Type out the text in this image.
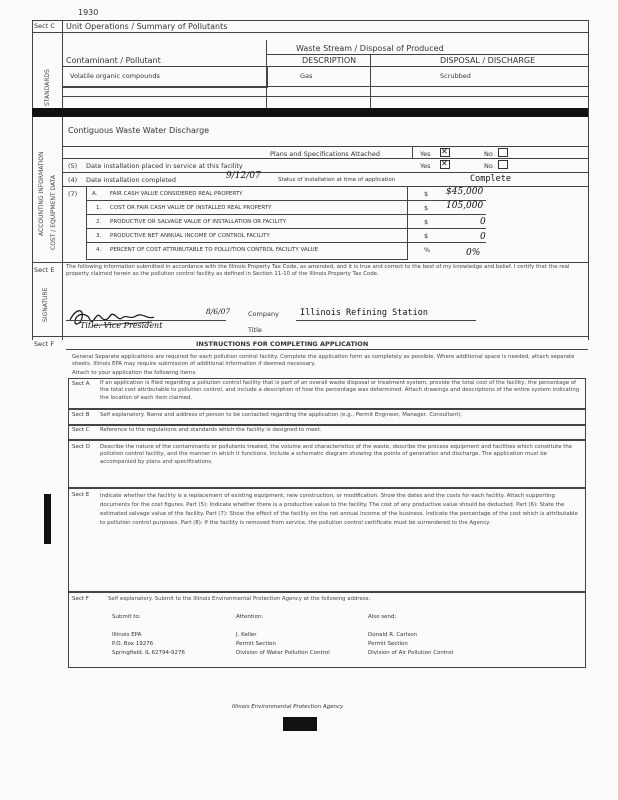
1930
Sect C Unit Operations / Summary of Pollutants
STANDARDS
Waste Stream / Disposal of Produced
Contaminant / Pollutant	DESCRIPTION	DISPOSAL / DISCHARGE
Volatile organic compounds	Gas	Scrubbed
ACCOUNTING INFORMATION COST / EQUIPMENT DATA
Contiguous Waste Water Discharge
Plans and Specifications Attached	Yes ✕	No
(5) Date installation placed in service at this facility	Yes ✕	No
(4) Date installation completed	9/12/07	Status of installation at time of application	Complete
(7)	A. FAIR CASH VALUE CONSIDERED REAL PROPERTY	$ $45,000
1. COST OR FAIR CASH VALUE OF INSTALLED REAL PROPERTY	$ 105,000
2. PRODUCTIVE OR SALVAGE VALUE OF INSTALLATION OR FACILITY	$	0
3. PRODUCTIVE NET ANNUAL INCOME OF CONTROL FACILITY	$	0
4. PERCENT OF COST ATTRIBUTABLE TO POLLUTION CONTROL FACILITY VALUE	%	0%
Sect E
SIGNATURE
The following information submitted in accordance with the Illinois Property Tax Code, as amended, and it is true and correct to the best of my knowledge and belief. I certify that the real property claimed herein as the pollution control facility as defined in Section 11-10 of the Illinois Property Tax Code.
8/6/07	Company Illinois Refining Station
Title: Vice President	Title
Sect F	INSTRUCTIONS FOR COMPLETING APPLICATION
General Separate applications are required for each pollution control facility. Complete the application form as completely as possible. Where additional space is needed, attach separate sheets. Illinois EPA may require submission of additional information if deemed necessary.
Attach to your application the following items.
Sect A If an application is filed regarding a pollution control facility that is part of an overall waste disposal or treatment system, provide the total cost of the facility, the percentage of the total cost attributable to pollution control, and include a description of how the percentage was determined. Attach drawings and descriptions of the entire system indicating the location of each item claimed.
Sect B Self explanatory. Name and address of person to be contacted regarding the application (e.g., Permit Engineer, Manager, Consultant).
Sect C Reference to the regulations and standards which the facility is designed to meet.
Sect D Describe the nature of the contaminants or pollutants treated, the volume and characteristics of the waste, describe the process equipment and facilities which constitute the pollution control facility, and the manner in which it functions. Include a schematic diagram showing the points of generation and discharge. The application must be accompanied by plans and specifications.
Sect E Indicate whether the facility is a replacement of existing equipment, new construction, or modification. Show the dates and the costs for each facility. Attach supporting documents for the cost figures. Part (5): Indicate whether there is a productive value to the facility. The cost of any productive value should be deducted. Part (6): State the estimated salvage value of the facility. Part (7): Show the effect of the facility on the net annual income of the business. Indicate the percentage of the cost which is attributable to pollution control purposes. Part (8): If the facility is removed from service, the pollution control certificate must be surrendered to the Agency.
Sect F	Self explanatory. Submit to the Illinois Environmental Protection Agency at the following address:
Submit to:	Attention:	Also send:
Illinois EPA	J. Keller	Donald R. Carlson
P.O. Box 19276	Permit Section	Permit Section
Springfield, IL 62794-9276	Division of Water Pollution Control	Division of Air Pollution Control
Illinois Environmental Protection Agency
